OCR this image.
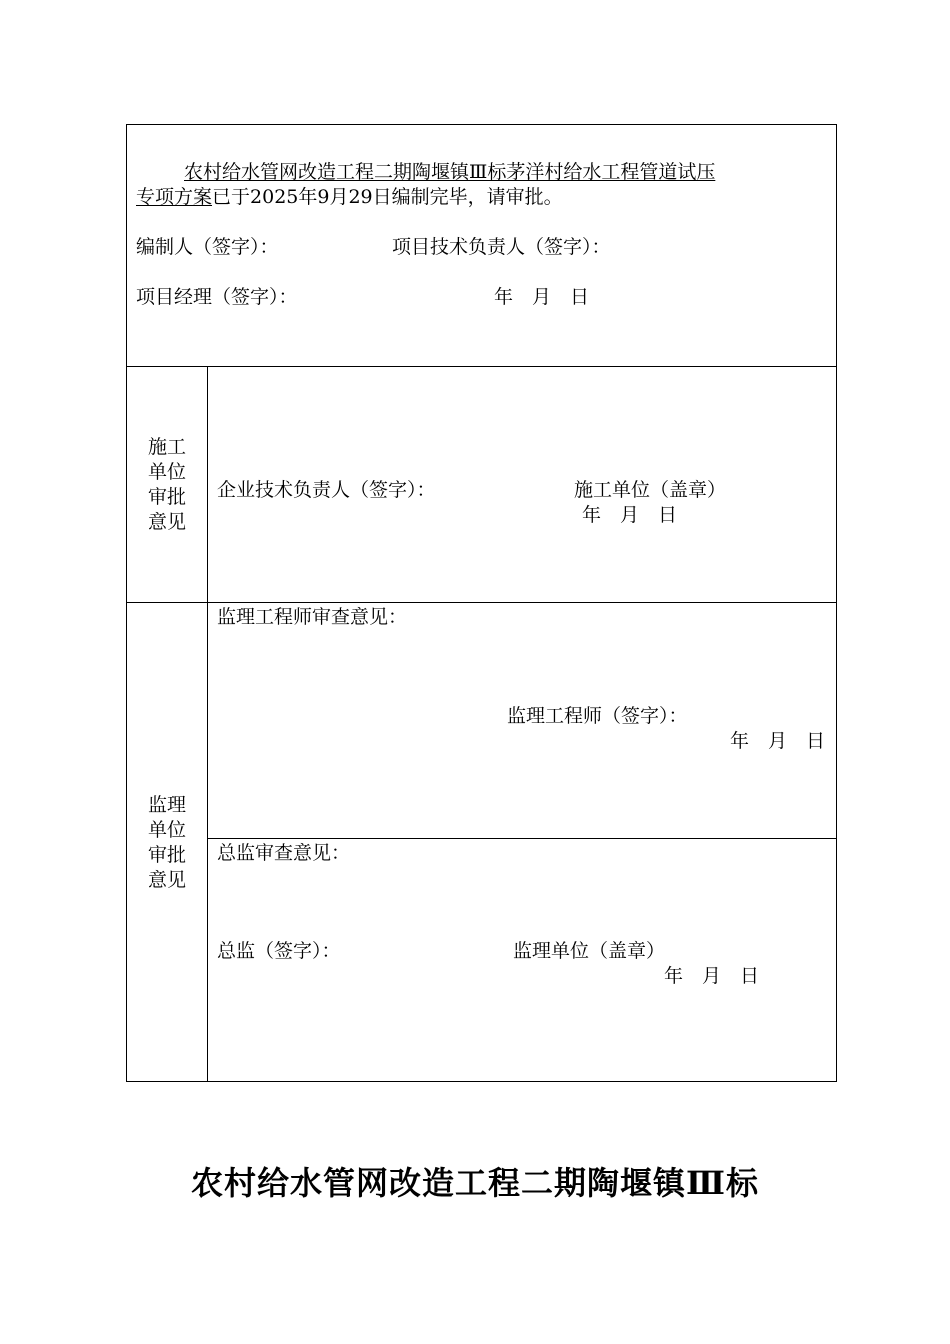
农村给水管网改造工程二期陶堰镇Ⅲ标茅洋村给水工程管道试压
专项方案已于2025年9月29日编制完毕，请审批。
编制人（签字）：	项目技术负责人（签字）：
项目经理（签字）：	年　月　日
施工
单位
审批
意见
企业技术负责人（签字）：	施工单位（盖章）
年　月　日
监理
单位
审批
意见
监理工程师审查意见：
监理工程师（签字）：
年　月　日
总监审查意见：
总监（签字）：	监理单位（盖章）
年　月　日
农村给水管网改造工程二期陶堰镇Ⅲ标
